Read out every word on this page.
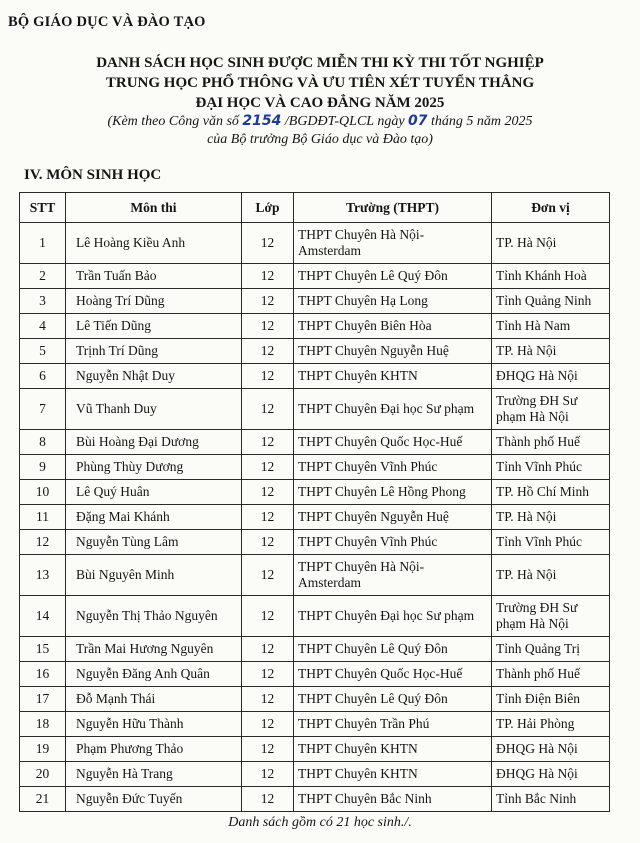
BỘ GIÁO DỤC VÀ ĐÀO TẠO
DANH SÁCH HỌC SINH ĐƯỢC MIỄN THI KỲ THI TỐT NGHIỆP
TRUNG HỌC PHỔ THÔNG VÀ ƯU TIÊN XÉT TUYỂN THẲNG
ĐẠI HỌC VÀ CAO ĐẲNG NĂM 2025
(Kèm theo Công văn số 2154 /BGDĐT-QLCL ngày 07 tháng 5 năm 2025
của Bộ trưởng Bộ Giáo dục và Đào tạo)
IV. MÔN SINH HỌC
STT	Môn thi	Lớp	Trường (THPT)	Đơn vị
1	Lê Hoàng Kiều Anh	12	THPT Chuyên Hà Nội-Amsterdam	TP. Hà Nội
2	Trần Tuấn Bảo	12	THPT Chuyên Lê Quý Đôn	Tỉnh Khánh Hoà
3	Hoàng Trí Dũng	12	THPT Chuyên Hạ Long	Tỉnh Quảng Ninh
4	Lê Tiến Dũng	12	THPT Chuyên Biên Hòa	Tỉnh Hà Nam
5	Trịnh Trí Dũng	12	THPT Chuyên Nguyễn Huệ	TP. Hà Nội
6	Nguyễn Nhật Duy	12	THPT Chuyên KHTN	ĐHQG Hà Nội
7	Vũ Thanh Duy	12	THPT Chuyên Đại học Sư phạm	Trường ĐH Sư phạm Hà Nội
8	Bùi Hoàng Đại Dương	12	THPT Chuyên Quốc Học-Huế	Thành phố Huế
9	Phùng Thùy Dương	12	THPT Chuyên Vĩnh Phúc	Tỉnh Vĩnh Phúc
10	Lê Quý Huân	12	THPT Chuyên Lê Hồng Phong	TP. Hồ Chí Minh
11	Đặng Mai Khánh	12	THPT Chuyên Nguyễn Huệ	TP. Hà Nội
12	Nguyễn Tùng Lâm	12	THPT Chuyên Vĩnh Phúc	Tỉnh Vĩnh Phúc
13	Bùi Nguyên Minh	12	THPT Chuyên Hà Nội-Amsterdam	TP. Hà Nội
14	Nguyễn Thị Thảo Nguyên	12	THPT Chuyên Đại học Sư phạm	Trường ĐH Sư phạm Hà Nội
15	Trần Mai Hương Nguyên	12	THPT Chuyên Lê Quý Đôn	Tỉnh Quảng Trị
16	Nguyễn Đăng Anh Quân	12	THPT Chuyên Quốc Học-Huế	Thành phố Huế
17	Đỗ Mạnh Thái	12	THPT Chuyên Lê Quý Đôn	Tỉnh Điện Biên
18	Nguyễn Hữu Thành	12	THPT Chuyên Trần Phú	TP. Hải Phòng
19	Phạm Phương Thảo	12	THPT Chuyên KHTN	ĐHQG Hà Nội
20	Nguyễn Hà Trang	12	THPT Chuyên KHTN	ĐHQG Hà Nội
21	Nguyễn Đức Tuyến	12	THPT Chuyên Bắc Ninh	Tỉnh Bắc Ninh
Danh sách gồm có 21 học sinh./.
